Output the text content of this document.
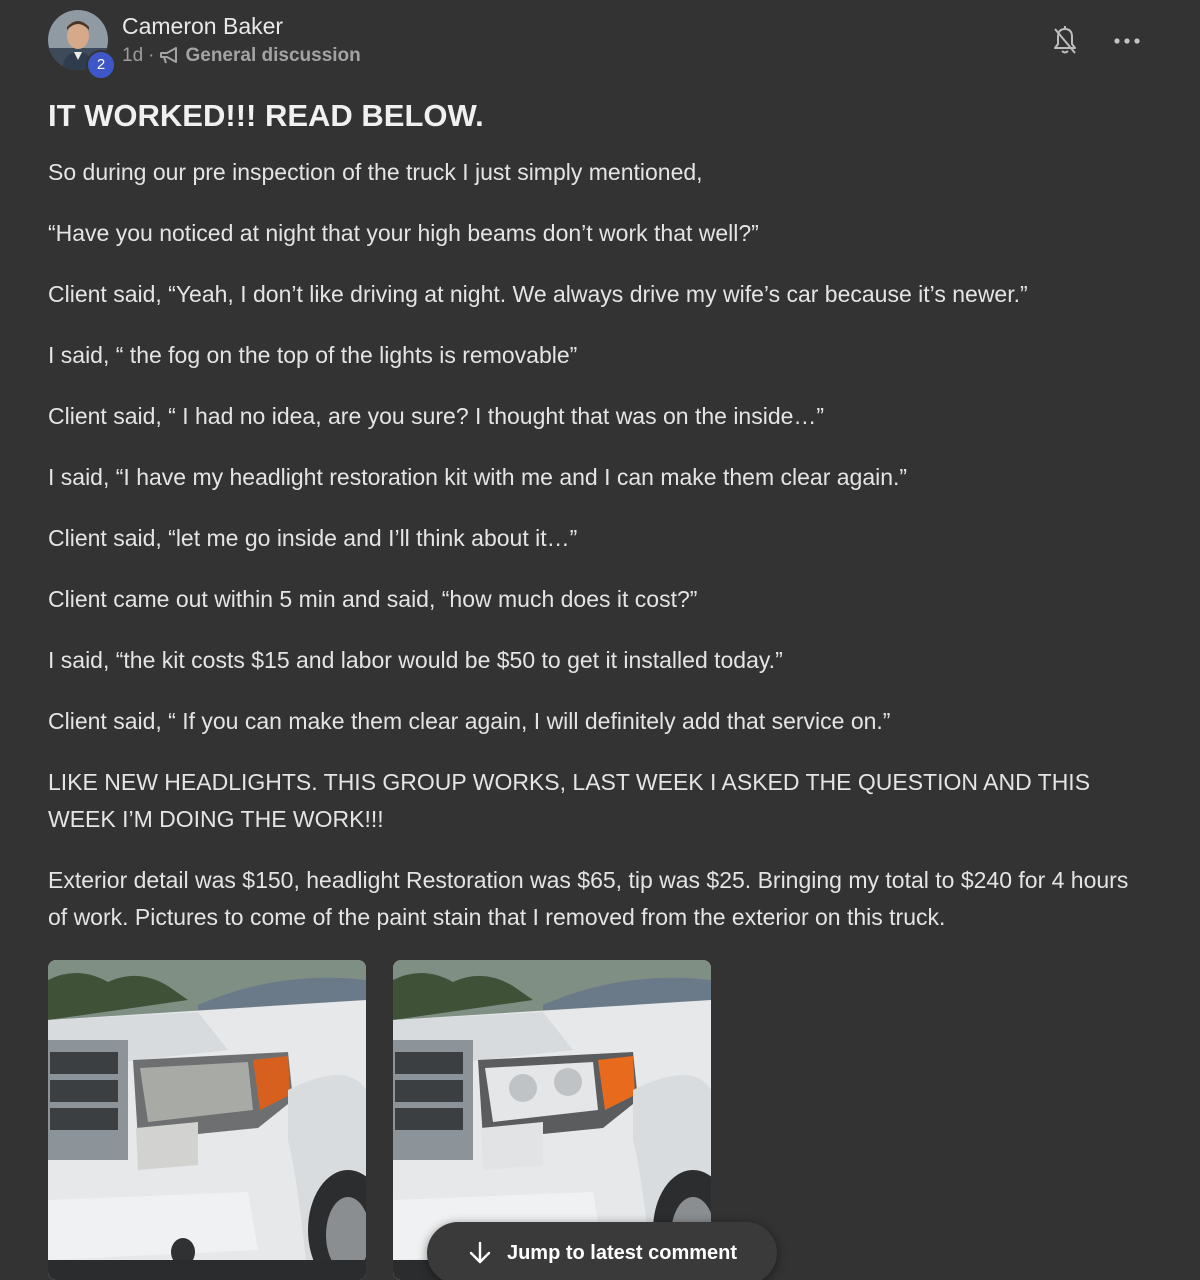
2
Cameron Baker
1d · General discussion
IT WORKED!!! READ BELOW.

So during our pre inspection of the truck I just simply mentioned,

“Have you noticed at night that your high beams don’t work that well?”

Client said, “Yeah, I don’t like driving at night. We always drive my wife’s car because it’s newer.”

I said, “ the fog on the top of the lights is removable”

Client said, “ I had no idea, are you sure? I thought that was on the inside…”

I said, “I have my headlight restoration kit with me and I can make them clear again.”

Client said, “let me go inside and I’ll think about it…”

Client came out within 5 min and said, “how much does it cost?”

I said, “the kit costs $15 and labor would be $50 to get it installed today.”

Client said, “ If you can make them clear again, I will definitely add that service on.”

LIKE NEW HEADLIGHTS. THIS GROUP WORKS, LAST WEEK I ASKED THE QUESTION AND THIS WEEK I’M DOING THE WORK!!!

Exterior detail was $150, headlight Restoration was $65, tip was $25. Bringing my total to $240 for 4 hours of work. Pictures to come of the paint stain that I removed from the exterior on this truck.

Jump to latest comment
